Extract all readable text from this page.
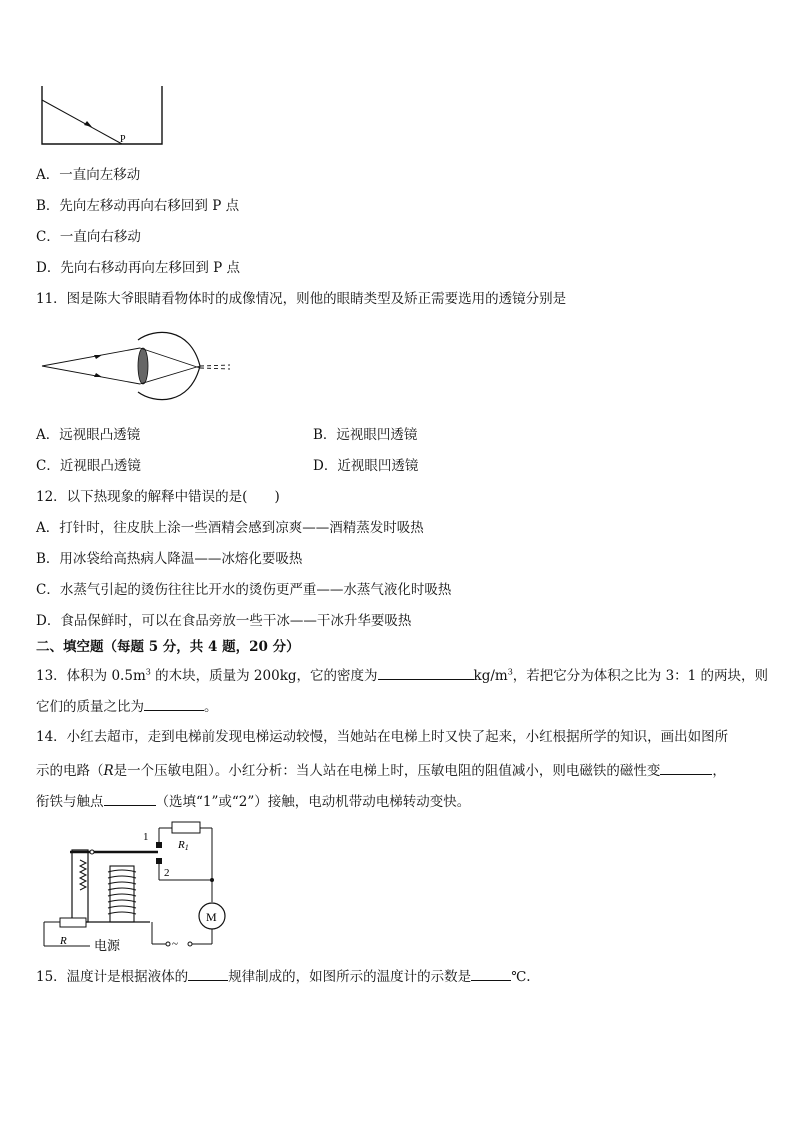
P
A．一直向左移动
B．先向左移动再向右移回到 P 点
C．一直向右移动
D．先向右移动再向左移回到 P 点
11．图是陈大爷眼睛看物体时的成像情况，则他的眼睛类型及矫正需要选用的透镜分别是
A．远视眼凸透镜	B．远视眼凹透镜
C．近视眼凸透镜	D．近视眼凹透镜
12．以下热现象的解释中错误的是(　　)
A．打针时，往皮肤上涂一些酒精会感到凉爽——酒精蒸发时吸热
B．用冰袋给高热病人降温——冰熔化要吸热
C．水蒸气引起的烫伤往往比开水的烫伤更严重——水蒸气液化时吸热
D．食品保鲜时，可以在食品旁放一些干冰——干冰升华要吸热
二、填空题（每题 5 分，共 4 题，20 分）
13．体积为 $0.5m^3$ 的木块，质量为 200kg，它的密度为	$kg/m^3$，若把它分为体积之比为 3：1 的两块，则
它们的质量之比为	。
14．小红去超市，走到电梯前发现电梯运动较慢，当她站在电梯上时又快了起来，小红根据所学的知识，画出如图所
示的电路（R是一个压敏电阻）。小红分析：当人站在电梯上时，压敏电阻的阻值减小，则电磁铁的磁性变	，
衔铁与触点	（选填“1”或“2”）接触，电动机带动电梯转动变快。
1
2
R1
M
~
R 电源
15．温度计是根据液体的	规律制成的，如图所示的温度计的示数是	℃.
